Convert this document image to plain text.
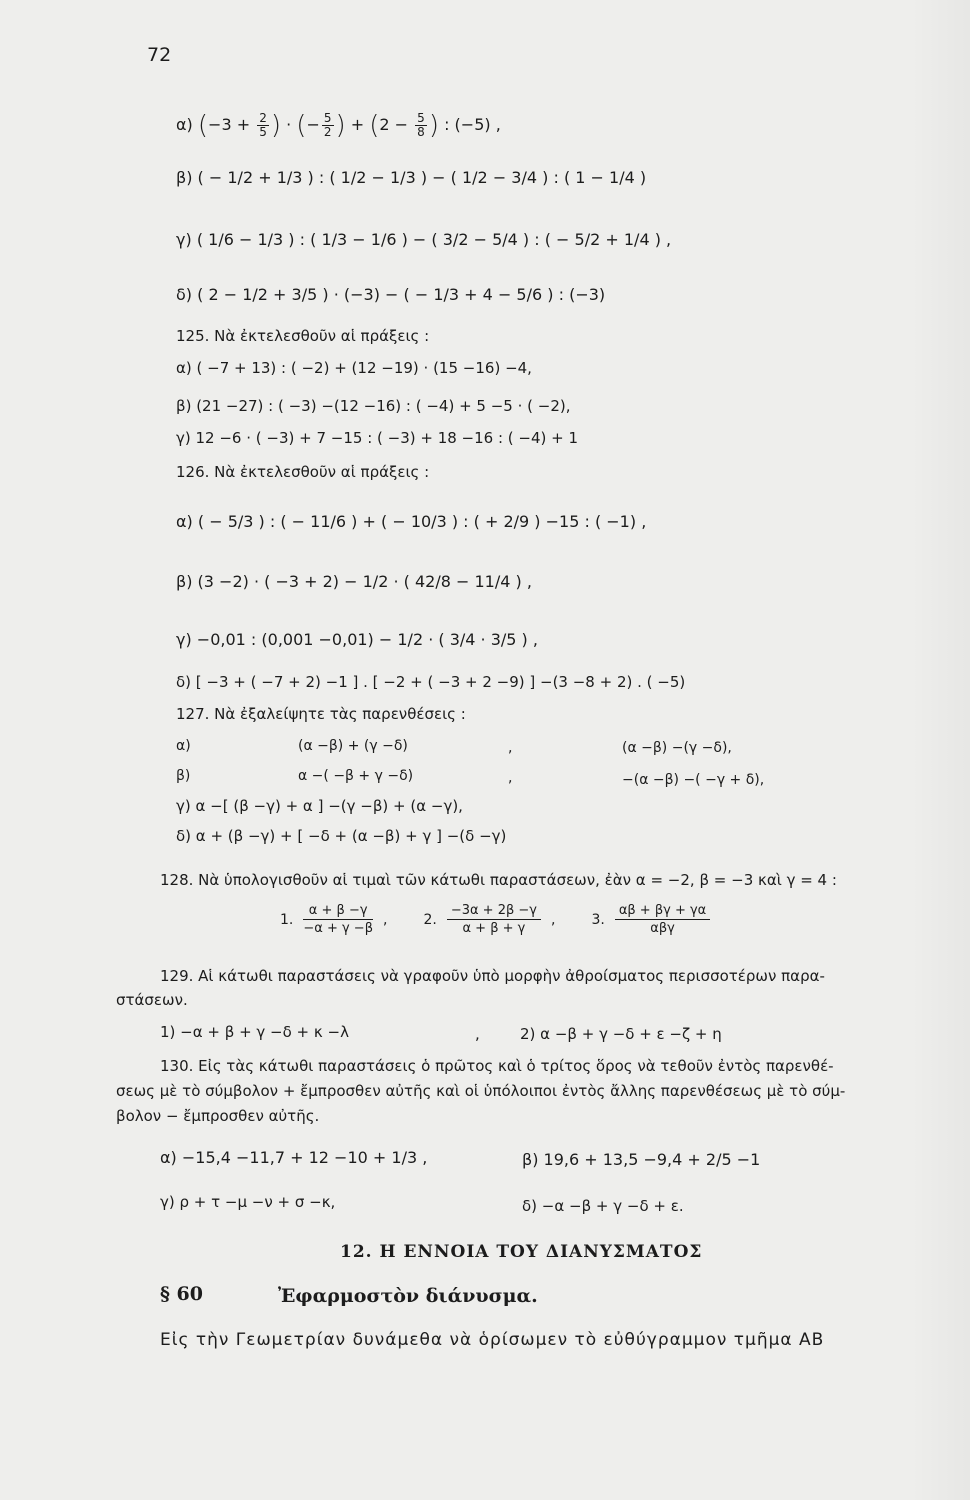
72
α) ($-3 + \frac{2}{5}$ ) · (− $\frac{5}{2}$ ) + ($2 - \frac{5}{8}$ ) : (−5) ,
β) ( − 1/2 + 1/3 ) : ( 1/2 − 1/3 ) − ( 1/2 − 3/4 ) : ( 1 − 1/4 )
γ) ( 1/6 − 1/3 ) : ( 1/3 − 1/6 ) − ( 3/2 − 5/4 ) : ( − 5/2 + 1/4 ) ,
δ) ( 2 − 1/2 + 3/5 ) · (−3) − ( − 1/3 + 4 − 5/6 ) : (−3)
125. Νὰ ἐκτελεσθοῦν αἱ πράξεις :
α) ( −7 + 13) : ( −2) + (12 −19) · (15 −16) −4,
β) (21 −27) : ( −3) −(12 −16) : ( −4) + 5 −5 · ( −2),
γ) 12 −6 · ( −3) + 7 −15 : ( −3) + 18 −16 : ( −4) + 1
126. Νὰ ἐκτελεσθοῦν αἱ πράξεις :
α) ( − 5/3 ) : ( − 11/6 ) + ( − 10/3 ) : ( + 2/9 ) −15 : ( −1) ,
β) (3 −2) · ( −3 + 2) − 1/2 · ( 42/8 − 11/4 ) ,
γ) −0,01 : (0,001 −0,01) − 1/2 · ( 3/4 · 3/5 ) ,
δ) [ −3 + ( −7 + 2) −1 ] . [ −2 + ( −3 + 2 −9) ] −(3 −8 + 2) . ( −5)
127. Νὰ ἐξαλείψητε τὰς παρενθέσεις :
α)	(α −β) + (γ −δ)	,	(α −β) −(γ −δ),
β)	α −( −β + γ −δ)	,	−(α −β) −( −γ + δ),
γ) α −[ (β −γ) + α ] −(γ −β) + (α −γ),
δ) α + (β −γ) + [ −δ + (α −β) + γ ] −(δ −γ)
128. Νὰ ὑπολογισθοῦν αἱ τιμαὶ τῶν κάτωθι παραστάσεων, ἐὰν α = −2, β = −3 καὶ γ = 4 :
1.
α + β −γ
−α + γ −β
,	2.
−3α + 2β −γ
α + β + γ
,	3.
αβ + βγ + γα
αβγ
129. Αἱ κάτωθι παραστάσεις νὰ γραφοῦν ὑπὸ μορφὴν ἀθροίσματος περισσοτέρων παρα-
στάσεων.
1) −α + β + γ −δ + κ −λ	,	2) α −β + γ −δ + ε −ζ + η
130. Εἰς τὰς κάτωθι παραστάσεις ὁ πρῶτος καὶ ὁ τρίτος ὅρος νὰ τεθοῦν ἐντὸς παρενθέ-
σεως μὲ τὸ σύμβολον + ἔμπροσθεν αὐτῆς καὶ οἱ ὑπόλοιποι ἐντὸς ἄλλης παρενθέσεως μὲ τὸ σύμ-
βολον − ἔμπροσθεν αὐτῆς.
α) −15,4 −11,7 + 12 −10 + 1/3 ,	β) 19,6 + 13,5 −9,4 + 2/5 −1
γ) ρ + τ −μ −ν + σ −κ,	δ) −α −β + γ −δ + ε.
12. Η ΕΝΝΟΙΑ ΤΟΥ ΔΙΑΝΥΣΜΑΤΟΣ
§ 60	Ἐφαρμοστὸν διάνυσμα.
Εἰς τὴν Γεωμετρίαν δυνάμεθα νὰ ὁρίσωμεν τὸ εὐθύγραμμον τμῆμα ΑΒ
